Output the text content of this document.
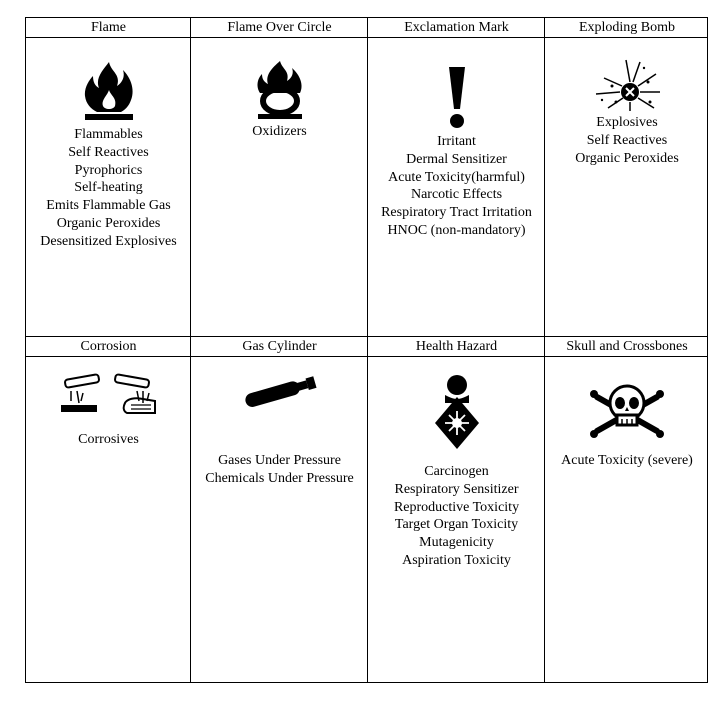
Flame
Flammables
Self Reactives
Pyrophorics
Self-heating
Emits Flammable Gas
Organic Peroxides
Desensitized Explosives
Flame Over Circle
Oxidizers
Exclamation Mark
Irritant
Dermal Sensitizer
Acute Toxicity(harmful)
Narcotic Effects
Respiratory Tract Irritation
HNOC (non-mandatory)
Exploding Bomb
Explosives
Self Reactives
Organic Peroxides
Corrosion
Corrosives
Gas Cylinder
Gases Under Pressure
Chemicals Under Pressure
Health Hazard
Carcinogen
Respiratory Sensitizer
Reproductive Toxicity
Target Organ Toxicity
Mutagenicity
Aspiration Toxicity
Skull and Crossbones
Acute Toxicity (severe)
